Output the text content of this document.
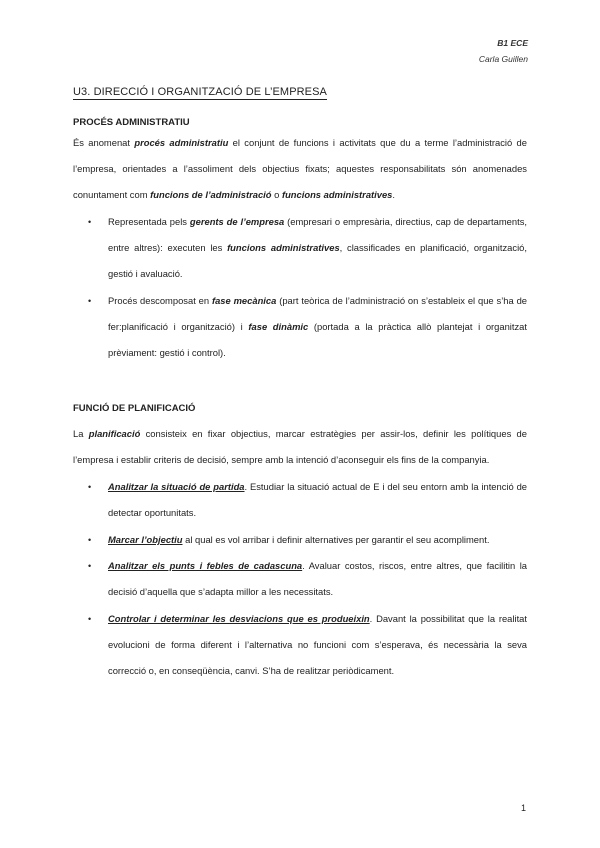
B1 ECE
Carla Guillen
U3. DIRECCIÓ I ORGANITZACIÓ DE L’EMPRESA
PROCÉS ADMINISTRATIU
És anomenat procés administratiu el conjunt de funcions i activitats que du a terme l’administració de l’empresa, orientades a l’assoliment dels objectius fixats; aquestes responsabilitats són anomenades conuntament com funcions de l’administració o funcions administratives.
• Representada pels gerents de l’empresa (empresari o empresària, directius, cap de departaments, entre altres): executen les funcions administratives, classificades en planificació, organització, gestió i avaluació.
• Procés descomposat en fase mecànica (part teòrica de l’administració on s’estableix el que s’ha de fer:planificació i organització) i fase dinàmic (portada a la pràctica allò plantejat i organitzat prèviament: gestió i control).
FUNCIÓ DE PLANIFICACIÓ
La planificació consisteix en fixar objectius, marcar estratègies per assir-los, definir les polítiques de l’empresa i establir criteris de decisió, sempre amb la intenció d’aconseguir els fins de la companyia.
• Analitzar la situació de partida. Estudiar la situació actual de E i del seu entorn amb la intenció de detectar oportunitats.
• Marcar l’objectiu al qual es vol arribar i definir alternatives per garantir el seu acompliment.
• Analitzar els punts i febles de cadascuna. Avaluar costos, riscos, entre altres, que facilitin la decisió d’aquella que s’adapta millor a les necessitats.
• Controlar i determinar les desviacions que es produeixin. Davant la possibilitat que la realitat evolucioni de forma diferent i l’alternativa no funcioni com s’esperava, és necessària la seva correcció o, en conseqüència, canvi. S’ha de realitzar periòdicament.
1
